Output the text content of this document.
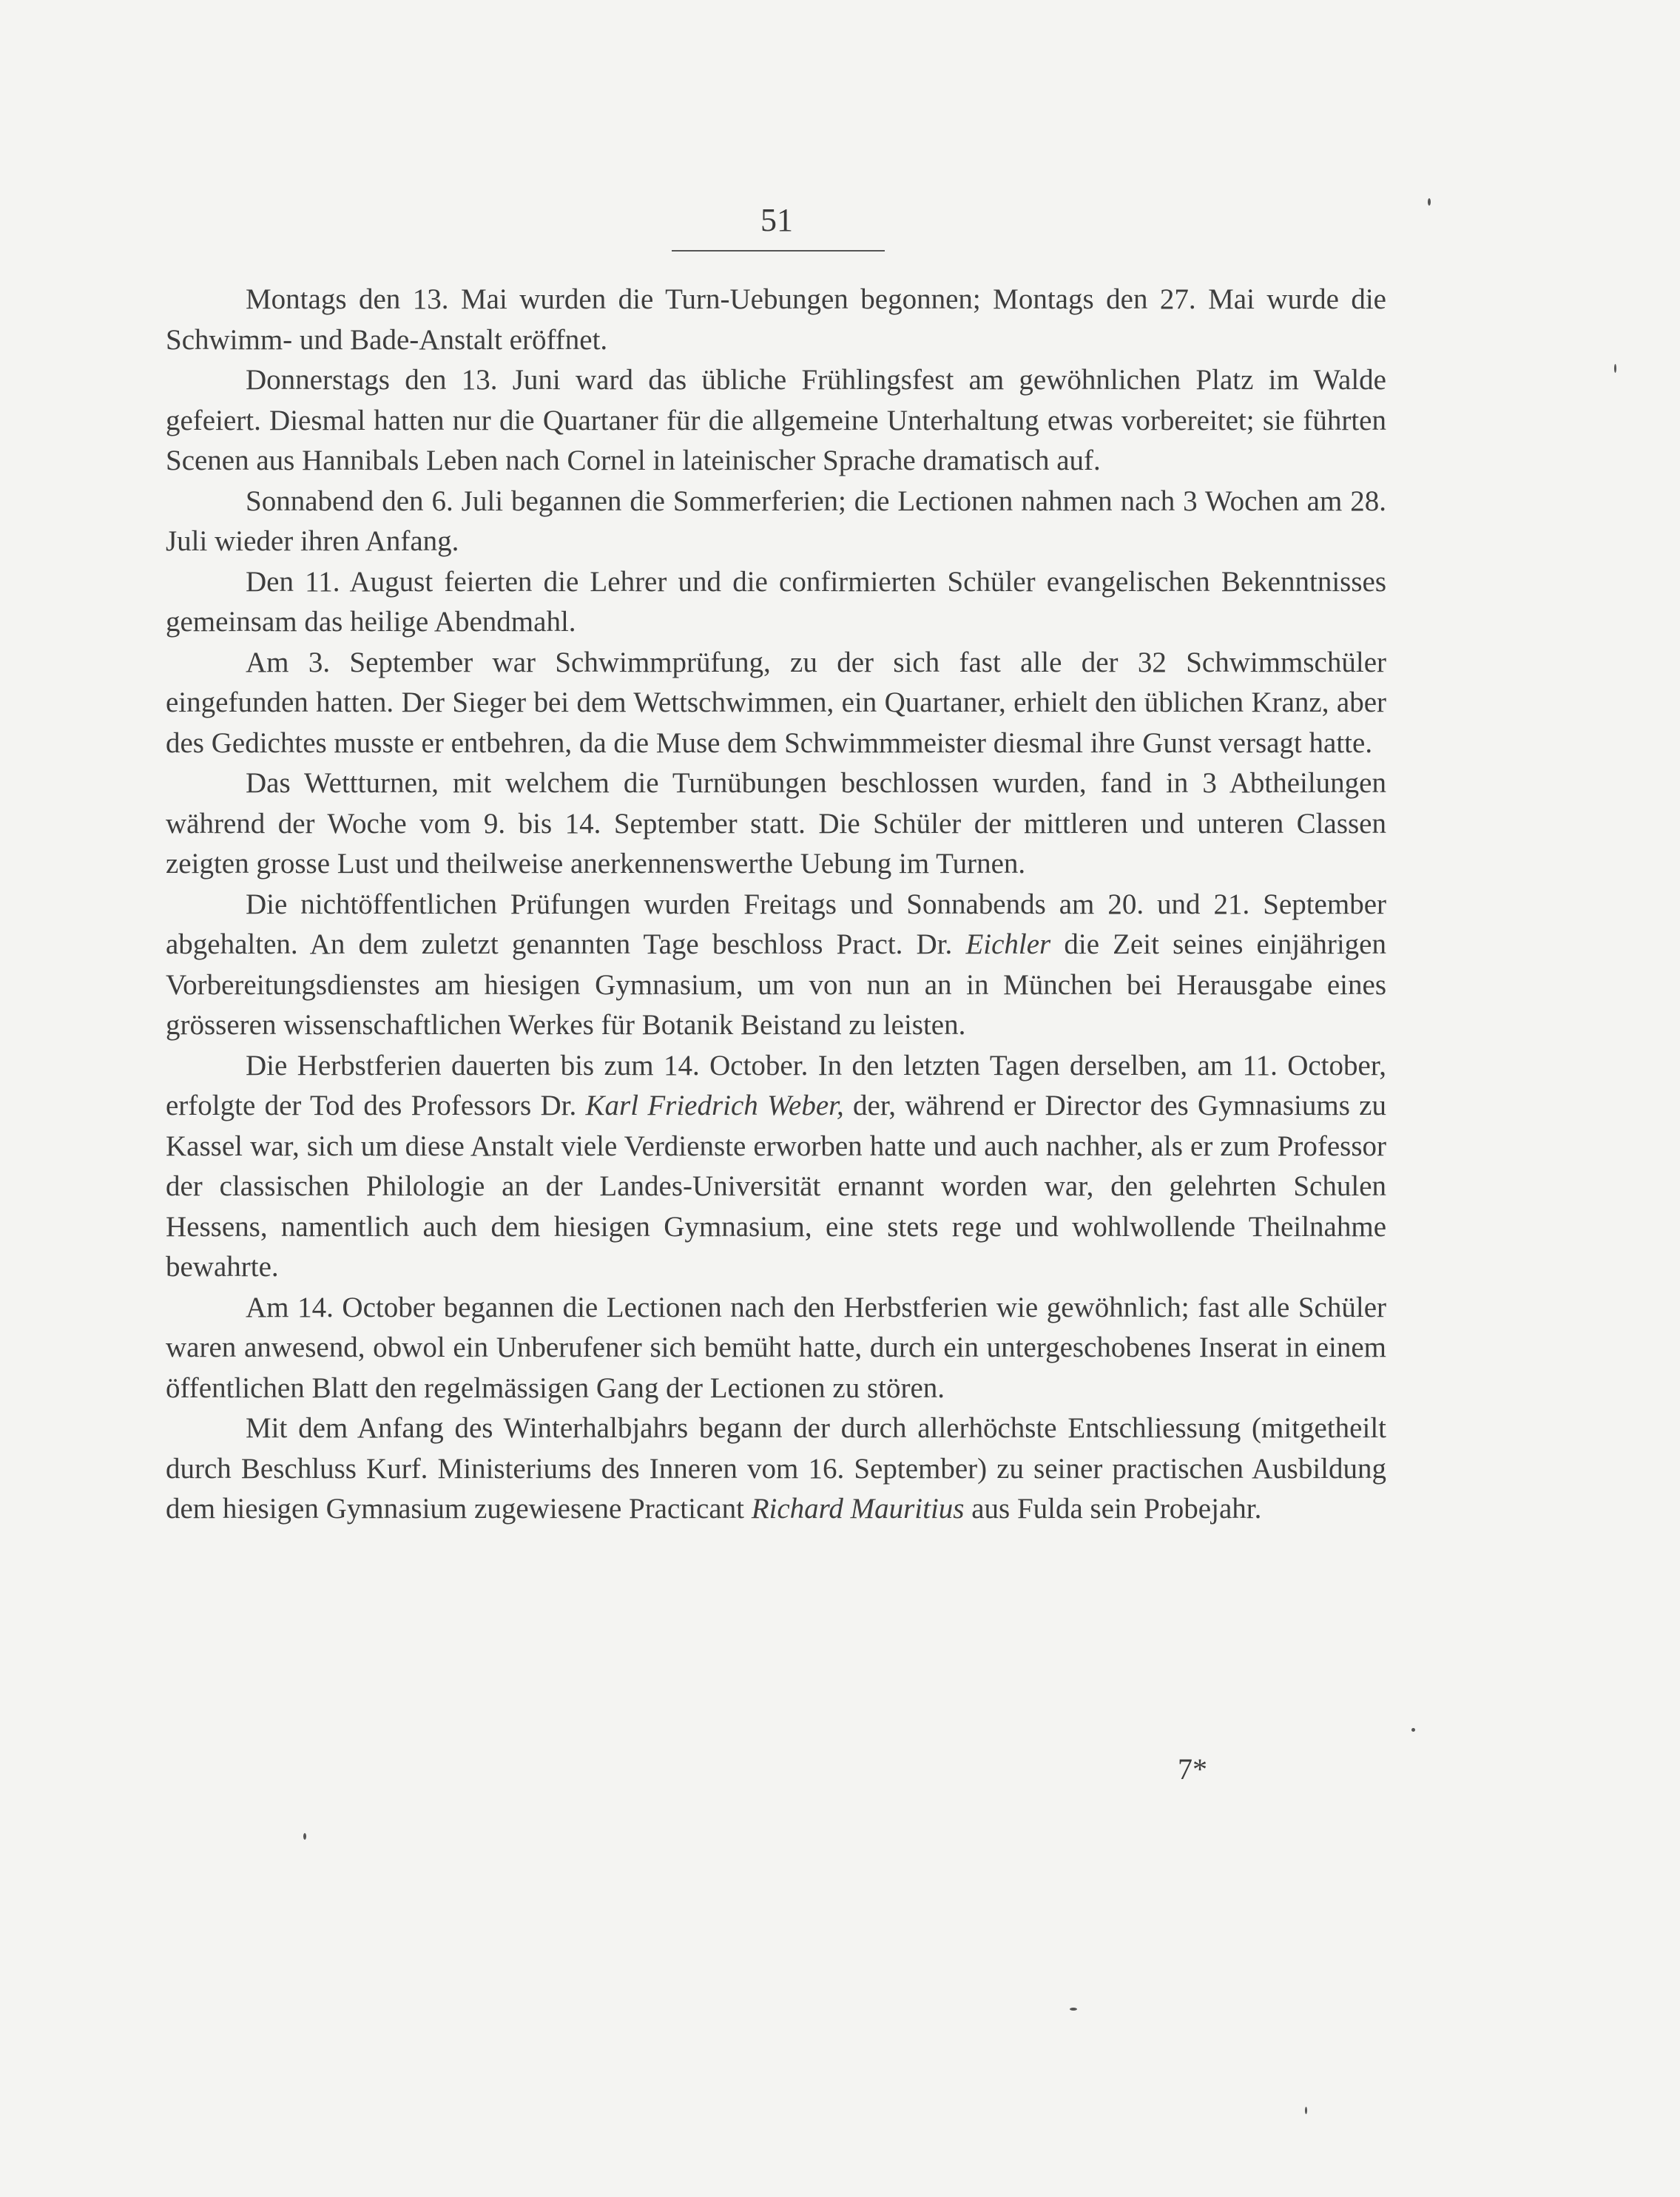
51

Montags den 13. Mai wurden die Turn-Uebungen begonnen; Montags den 27. Mai wurde die Schwimm- und Bade-Anstalt eröffnet.

Donnerstags den 13. Juni ward das übliche Frühlingsfest am gewöhnlichen Platz im Walde gefeiert. Diesmal hatten nur die Quartaner für die allgemeine Unterhaltung etwas vorbereitet; sie führten Scenen aus Hannibals Leben nach Cornel in lateinischer Sprache dramatisch auf.

Sonnabend den 6. Juli begannen die Sommerferien; die Lectionen nahmen nach 3 Wochen am 28. Juli wieder ihren Anfang.

Den 11. August feierten die Lehrer und die confirmierten Schüler evangelischen Bekenntnisses gemeinsam das heilige Abendmahl.

Am 3. September war Schwimmprüfung, zu der sich fast alle der 32 Schwimmschüler eingefunden hatten. Der Sieger bei dem Wettschwimmen, ein Quartaner, erhielt den üblichen Kranz, aber des Gedichtes musste er entbehren, da die Muse dem Schwimmmeister diesmal ihre Gunst versagt hatte.

Das Wettturnen, mit welchem die Turnübungen beschlossen wurden, fand in 3 Abtheilungen während der Woche vom 9. bis 14. September statt. Die Schüler der mittleren und unteren Classen zeigten grosse Lust und theilweise anerkennenswerthe Uebung im Turnen.

Die nichtöffentlichen Prüfungen wurden Freitags und Sonnabends am 20. und 21. September abgehalten. An dem zuletzt genannten Tage beschloss Pract. Dr. Eichler die Zeit seines einjährigen Vorbereitungsdienstes am hiesigen Gymnasium, um von nun an in München bei Herausgabe eines grösseren wissenschaftlichen Werkes für Botanik Beistand zu leisten.

Die Herbstferien dauerten bis zum 14. October. In den letzten Tagen derselben, am 11. October, erfolgte der Tod des Professors Dr. Karl Friedrich Weber, der, während er Director des Gymnasiums zu Kassel war, sich um diese Anstalt viele Verdienste erworben hatte und auch nachher, als er zum Professor der classischen Philologie an der Landes-Universität ernannt worden war, den gelehrten Schulen Hessens, namentlich auch dem hiesigen Gymnasium, eine stets rege und wohlwollende Theilnahme bewahrte.

Am 14. October begannen die Lectionen nach den Herbstferien wie gewöhnlich; fast alle Schüler waren anwesend, obwol ein Unberufener sich bemüht hatte, durch ein untergeschobenes Inserat in einem öffentlichen Blatt den regelmässigen Gang der Lectionen zu stören.

Mit dem Anfang des Winterhalbjahrs begann der durch allerhöchste Entschliessung (mitgetheilt durch Beschluss Kurf. Ministeriums des Inneren vom 16. September) zu seiner practischen Ausbildung dem hiesigen Gymnasium zugewiesene Practicant Richard Mauritius aus Fulda sein Probejahr.

7*
